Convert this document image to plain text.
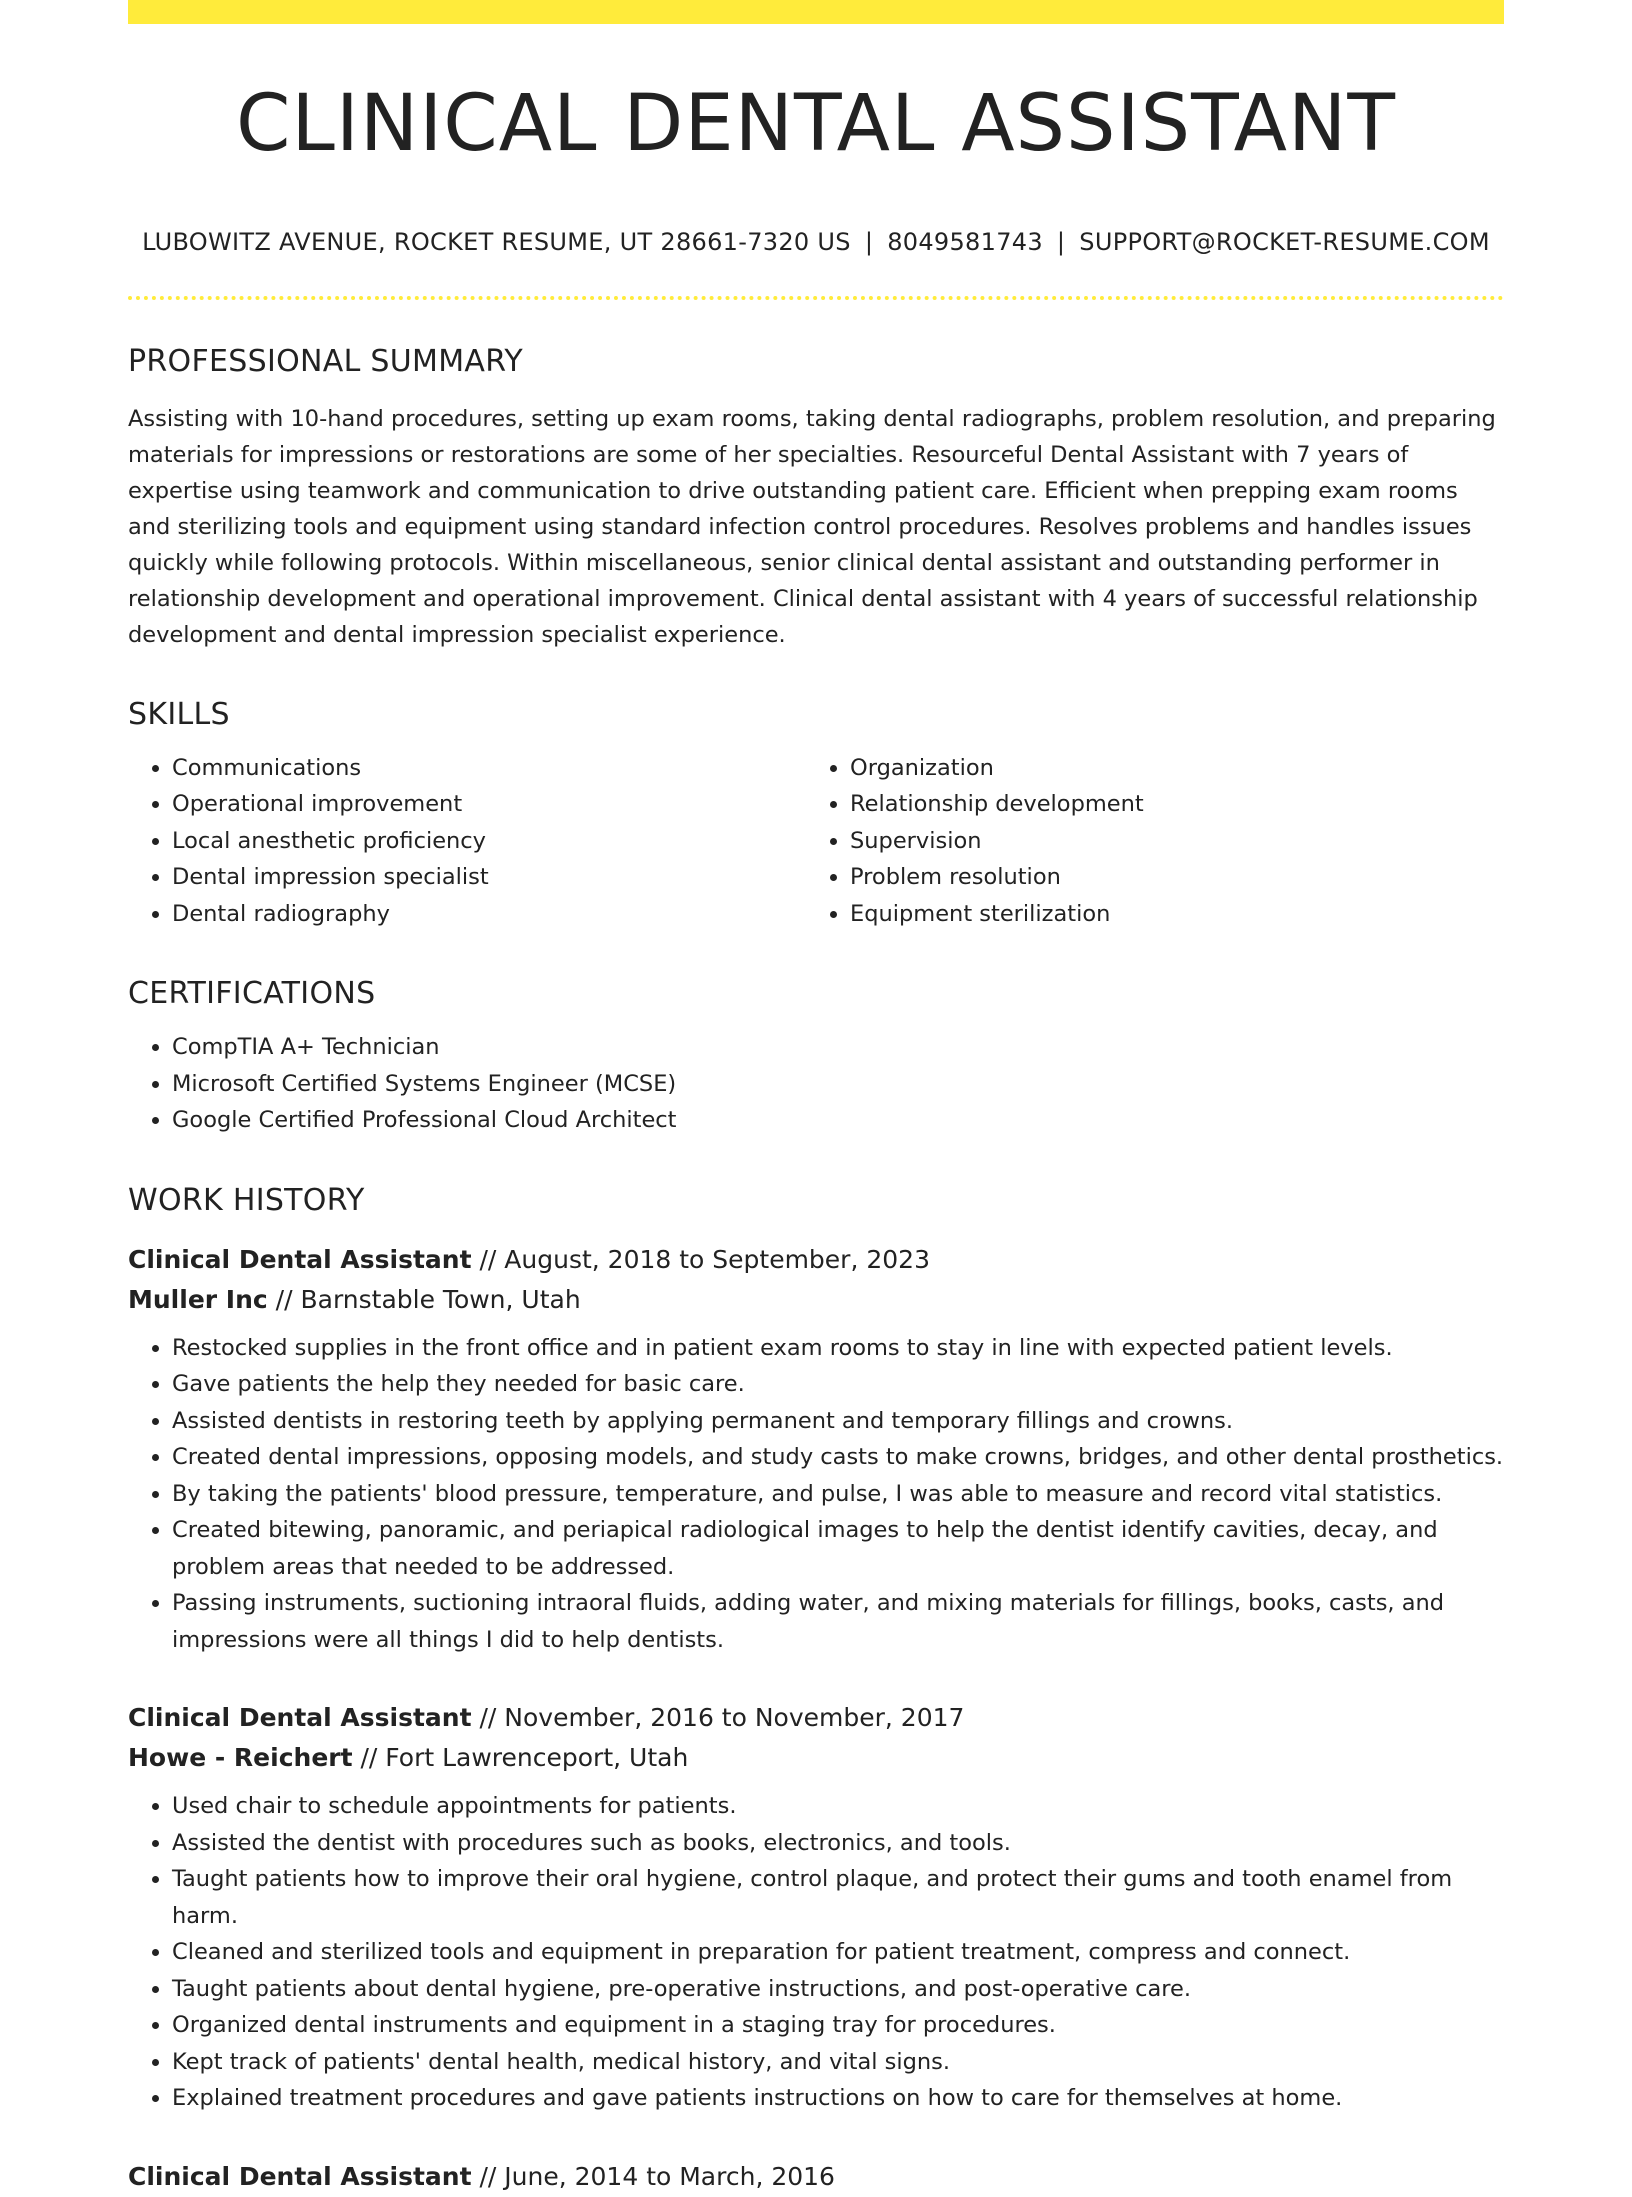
CLINICAL DENTAL ASSISTANT
LUBOWITZ AVENUE, ROCKET RESUME, UT 28661-7320 US | 8049581743 | SUPPORT@ROCKET-RESUME.COM
PROFESSIONAL SUMMARY
Assisting with 10-hand procedures, setting up exam rooms, taking dental radiographs, problem resolution, and preparing materials for impressions or restorations are some of her specialties. Resourceful Dental Assistant with 7 years of expertise using teamwork and communication to drive outstanding patient care. Efficient when prepping exam rooms and sterilizing tools and equipment using standard infection control procedures. Resolves problems and handles issues quickly while following protocols. Within miscellaneous, senior clinical dental assistant and outstanding performer in relationship development and operational improvement. Clinical dental assistant with 4 years of successful relationship development and dental impression specialist experience.
SKILLS
• Communications
• Operational improvement
• Local anesthetic proficiency
• Dental impression specialist
• Dental radiography
• Organization
• Relationship development
• Supervision
• Problem resolution
• Equipment sterilization
CERTIFICATIONS
• CompTIA A+ Technician
• Microsoft Certified Systems Engineer (MCSE)
• Google Certified Professional Cloud Architect
WORK HISTORY
Clinical Dental Assistant // August, 2018 to September, 2023
Muller Inc // Barnstable Town, Utah
• Restocked supplies in the front office and in patient exam rooms to stay in line with expected patient levels.
• Gave patients the help they needed for basic care.
• Assisted dentists in restoring teeth by applying permanent and temporary fillings and crowns.
• Created dental impressions, opposing models, and study casts to make crowns, bridges, and other dental prosthetics.
• By taking the patients' blood pressure, temperature, and pulse, I was able to measure and record vital statistics.
• Created bitewing, panoramic, and periapical radiological images to help the dentist identify cavities, decay, and problem areas that needed to be addressed.
• Passing instruments, suctioning intraoral fluids, adding water, and mixing materials for fillings, books, casts, and impressions were all things I did to help dentists.
Clinical Dental Assistant // November, 2016 to November, 2017
Howe - Reichert // Fort Lawrenceport, Utah
• Used chair to schedule appointments for patients.
• Assisted the dentist with procedures such as books, electronics, and tools.
• Taught patients how to improve their oral hygiene, control plaque, and protect their gums and tooth enamel from harm.
• Cleaned and sterilized tools and equipment in preparation for patient treatment, compress and connect.
• Taught patients about dental hygiene, pre-operative instructions, and post-operative care.
• Organized dental instruments and equipment in a staging tray for procedures.
• Kept track of patients' dental health, medical history, and vital signs.
• Explained treatment procedures and gave patients instructions on how to care for themselves at home.
Clinical Dental Assistant // June, 2014 to March, 2016
